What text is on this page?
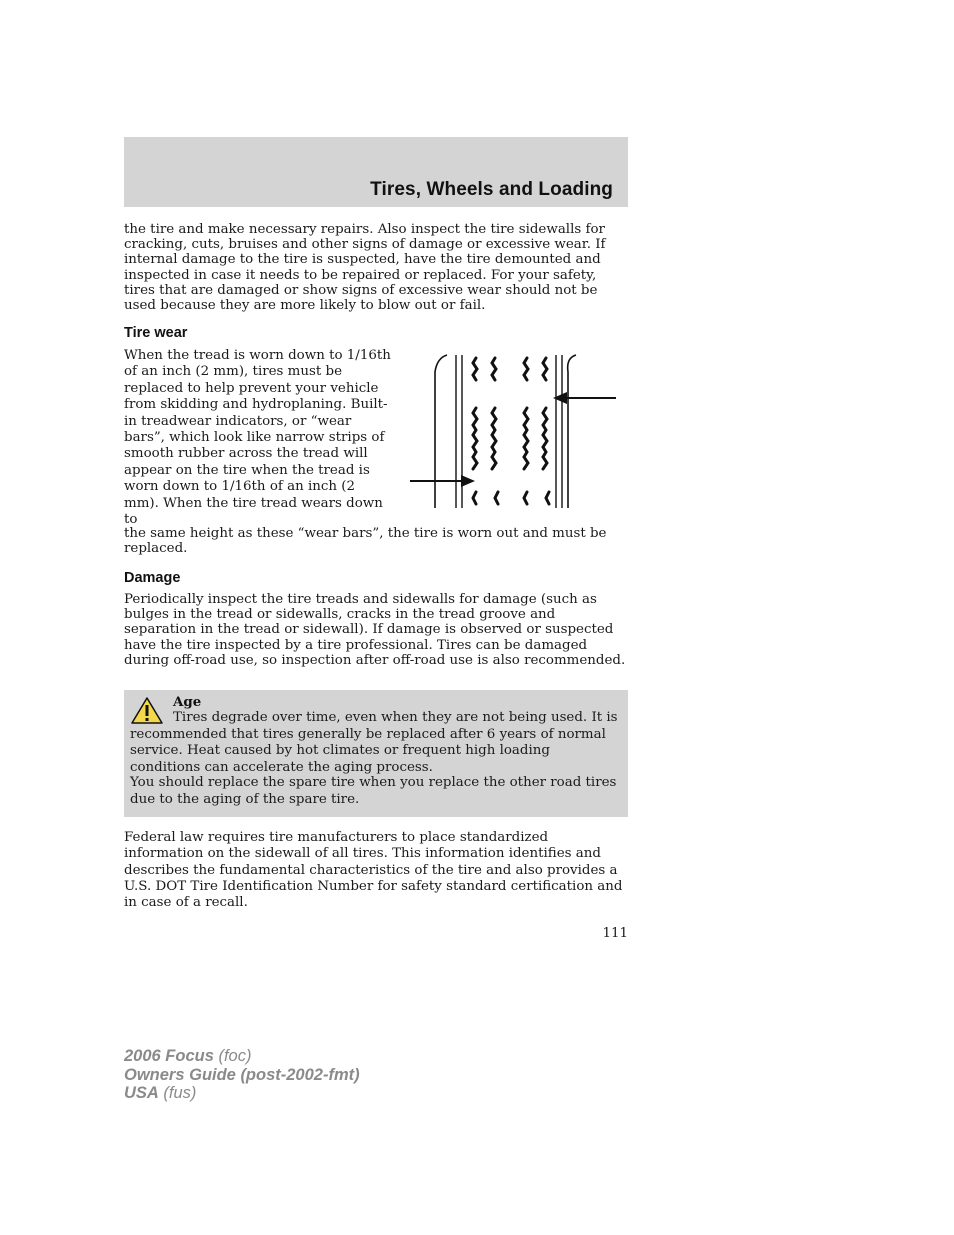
Tires, Wheels and Loading

the tire and make necessary repairs. Also inspect the tire sidewalls for cracking, cuts, bruises and other signs of damage or excessive wear. If internal damage to the tire is suspected, have the tire demounted and inspected in case it needs to be repaired or replaced. For your safety, tires that are damaged or show signs of excessive wear should not be used because they are more likely to blow out or fail.

Tire wear

When the tread is worn down to 1/16th of an inch (2 mm), tires must be replaced to help prevent your vehicle from skidding and hydroplaning. Built-in treadwear indicators, or “wear bars”, which look like narrow strips of smooth rubber across the tread will appear on the tire when the tread is worn down to 1/16th of an inch (2 mm). When the tire tread wears down to

the same height as these “wear bars”, the tire is worn out and must be replaced.

Damage

Periodically inspect the tire treads and sidewalls for damage (such as bulges in the tread or sidewalls, cracks in the tread groove and separation in the tread or sidewall). If damage is observed or suspected have the tire inspected by a tire professional. Tires can be damaged during off-road use, so inspection after off-road use is also recommended.

Age

Tires degrade over time, even when they are not being used. It is recommended that tires generally be replaced after 6 years of normal service. Heat caused by hot climates or frequent high loading conditions can accelerate the aging process.

You should replace the spare tire when you replace the other road tires due to the aging of the spare tire.

Federal law requires tire manufacturers to place standardized information on the sidewall of all tires. This information identifies and describes the fundamental characteristics of the tire and also provides a U.S. DOT Tire Identification Number for safety standard certification and in case of a recall.

111
2006 Focus (foc)
Owners Guide (post-2002-fmt)
USA (fus)
